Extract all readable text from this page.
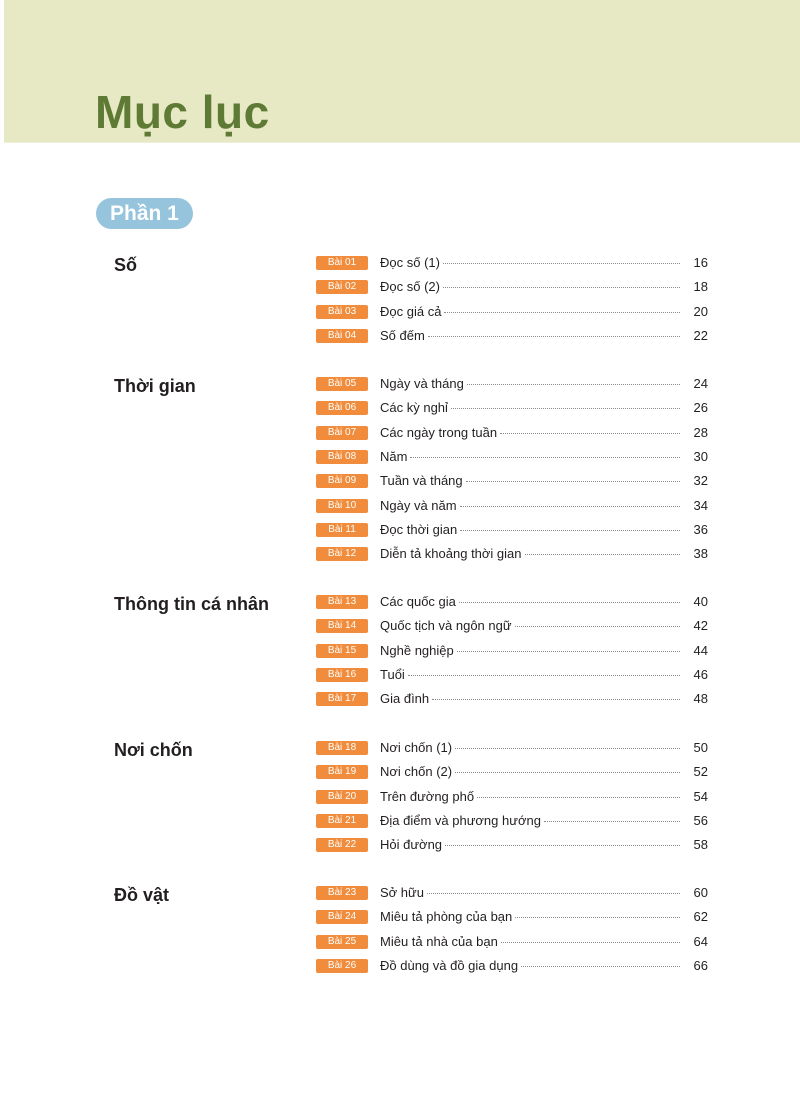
Mục lục
Phần 1
Số	Bài 01	Đọc số (1)	16
Bài 02	Đọc số (2)	18
Bài 03	Đọc giá cả	20
Bài 04	Số đếm	22
Thời gian	Bài 05	Ngày và tháng	24
Bài 06	Các kỳ nghỉ	26
Bài 07	Các ngày trong tuần	28
Bài 08	Năm	30
Bài 09	Tuần và tháng	32
Bài 10	Ngày và năm	34
Bài 11	Đọc thời gian	36
Bài 12	Diễn tả khoảng thời gian	38
Thông tin cá nhân	Bài 13	Các quốc gia	40
Bài 14	Quốc tịch và ngôn ngữ	42
Bài 15	Nghề nghiệp	44
Bài 16	Tuổi	46
Bài 17	Gia đình	48
Nơi chốn	Bài 18	Nơi chốn (1)	50
Bài 19	Nơi chốn (2)	52
Bài 20	Trên đường phố	54
Bài 21	Địa điểm và phương hướng	56
Bài 22	Hỏi đường	58
Đồ vật	Bài 23	Sở hữu	60
Bài 24	Miêu tả phòng của bạn	62
Bài 25	Miêu tả nhà của bạn	64
Bài 26	Đồ dùng và đồ gia dụng	66
